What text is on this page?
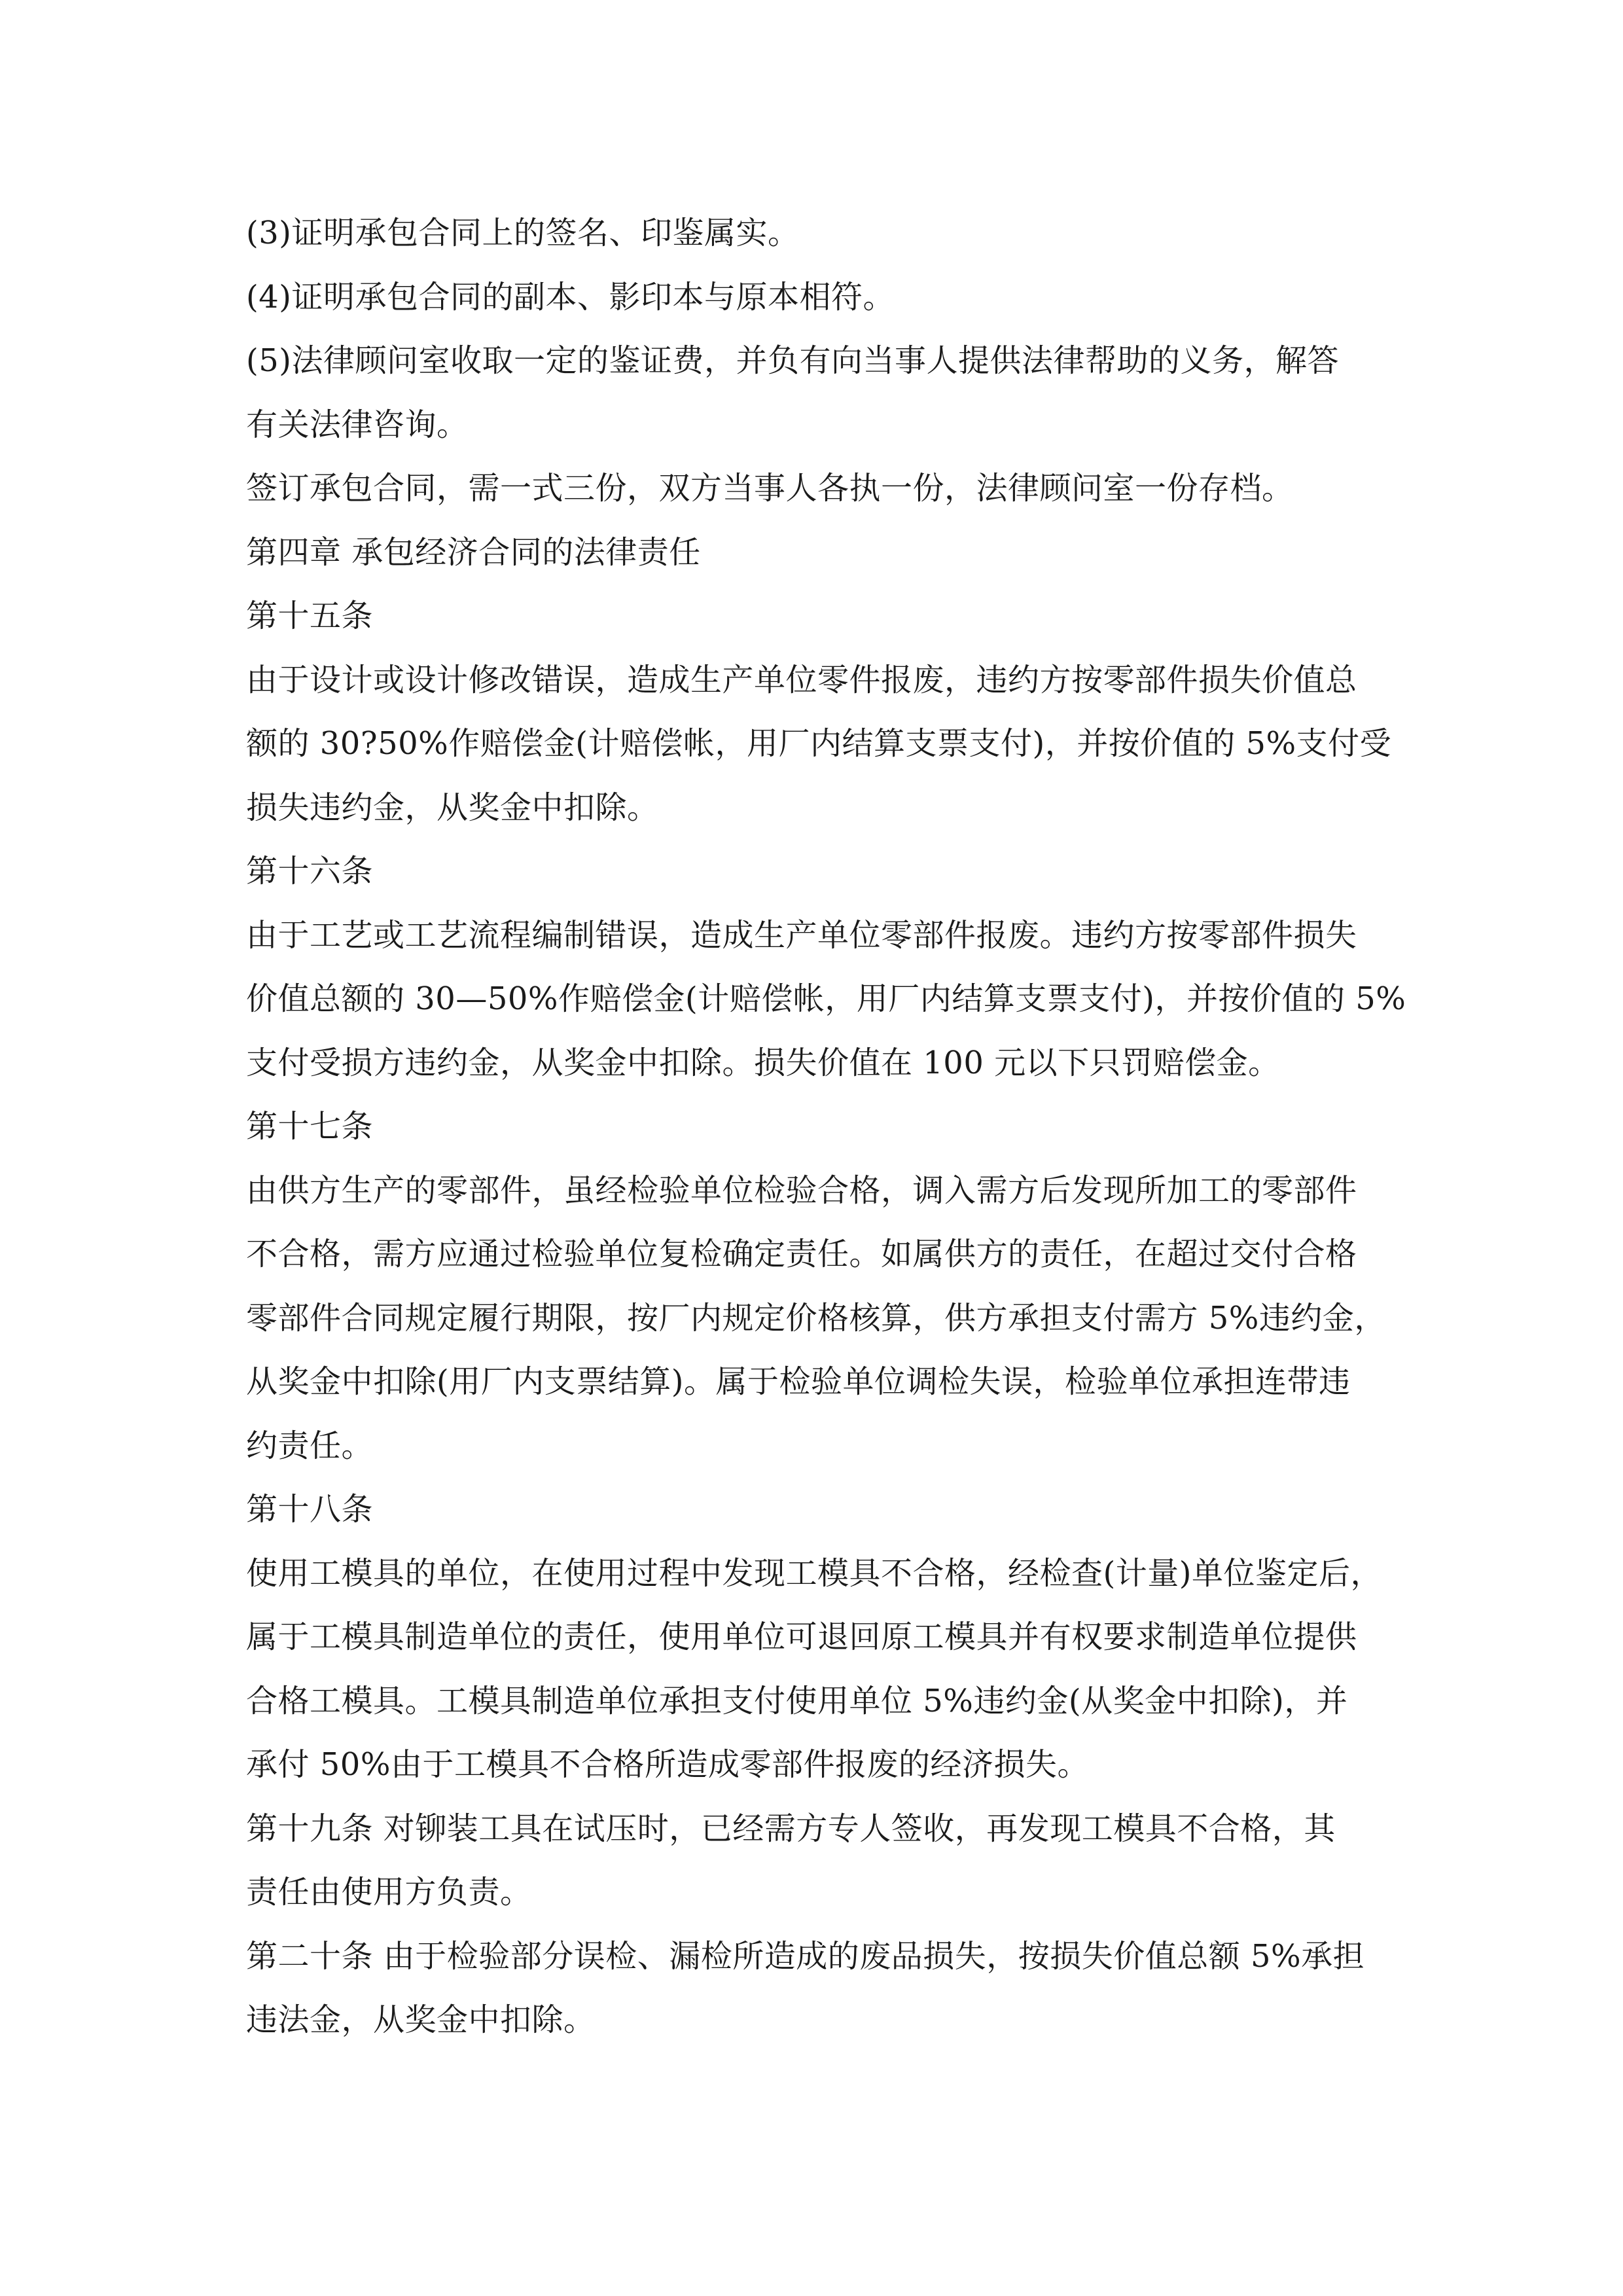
(3)证明承包合同上的签名、印鉴属实。
(4)证明承包合同的副本、影印本与原本相符。
(5)法律顾问室收取一定的鉴证费，并负有向当事人提供法律帮助的义务，解答
有关法律咨询。
签订承包合同，需一式三份，双方当事人各执一份，法律顾问室一份存档。
第四章 承包经济合同的法律责任
第十五条
由于设计或设计修改错误，造成生产单位零件报废，违约方按零部件损失价值总
额的 30?50%作赔偿金(计赔偿帐，用厂内结算支票支付)，并按价值的 5%支付受
损失违约金，从奖金中扣除。
第十六条
由于工艺或工艺流程编制错误，造成生产单位零部件报废。违约方按零部件损失
价值总额的 30—50%作赔偿金(计赔偿帐，用厂内结算支票支付)，并按价值的 5%
支付受损方违约金，从奖金中扣除。损失价值在 100 元以下只罚赔偿金。
第十七条
由供方生产的零部件，虽经检验单位检验合格，调入需方后发现所加工的零部件
不合格，需方应通过检验单位复检确定责任。如属供方的责任，在超过交付合格
零部件合同规定履行期限，按厂内规定价格核算，供方承担支付需方 5%违约金，
从奖金中扣除(用厂内支票结算)。属于检验单位调检失误，检验单位承担连带违
约责任。
第十八条
使用工模具的单位，在使用过程中发现工模具不合格，经检查(计量)单位鉴定后，
属于工模具制造单位的责任，使用单位可退回原工模具并有权要求制造单位提供
合格工模具。工模具制造单位承担支付使用单位 5%违约金(从奖金中扣除)，并
承付 50%由于工模具不合格所造成零部件报废的经济损失。
第十九条 对铆装工具在试压时，已经需方专人签收，再发现工模具不合格，其
责任由使用方负责。
第二十条 由于检验部分误检、漏检所造成的废品损失，按损失价值总额 5%承担
违法金，从奖金中扣除。
